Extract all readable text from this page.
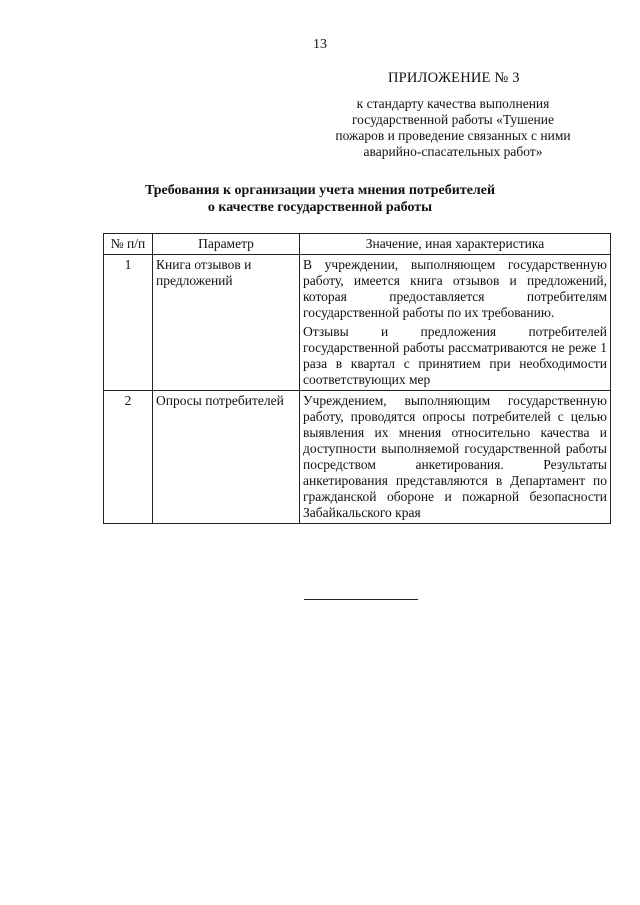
13
ПРИЛОЖЕНИЕ № 3
к стандарту качества выполнения
государственной работы «Тушение
пожаров и проведение связанных с ними
аварийно-спасательных работ»
Требования к организации учета мнения потребителей
о качестве государственной работы
№ п/п	Параметр	Значение, иная характеристика
1	Книга отзывов и предложений	В учреждении, выполняющем государственную работу, имеется книга отзывов и предложений, которая предоставляется потребителям государственной работы по их требованию.

Отзывы и предложения потребителей государственной работы рассматриваются не реже 1 раза в квартал с принятием при необходимости соответствующих мер

2	Опросы потребителей	Учреждением, выполняющим государственную работу, проводятся опросы потребителей с целью выявления их мнения относительно качества и доступности выполняемой государственной работы посредством анкетирования. Результаты анкетирования представляются в Департамент по гражданской обороне и пожарной безопасности Забайкальского края
